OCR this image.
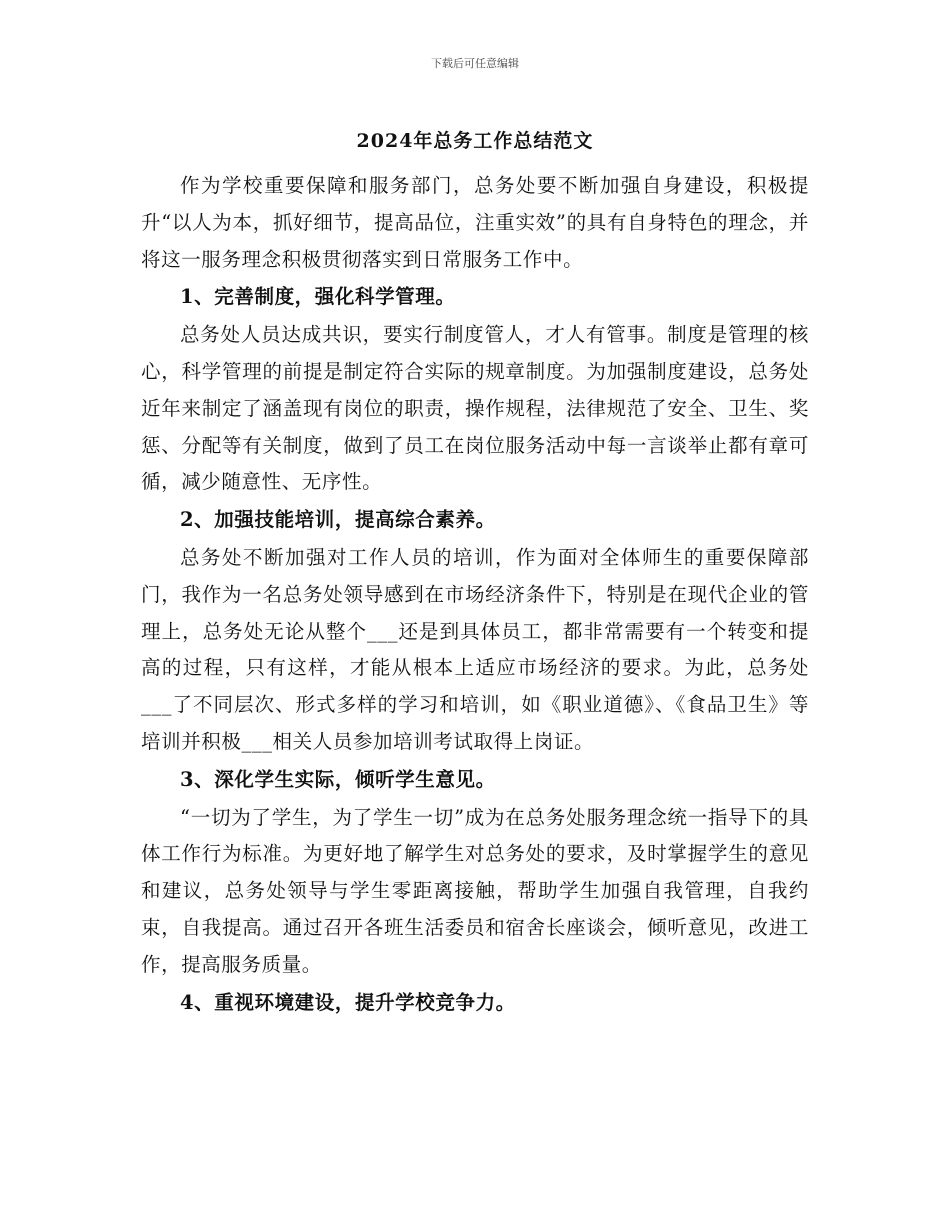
下载后可任意编辑
2024年总务工作总结范文

作为学校重要保障和服务部门，总务处要不断加强自身建设，积极提升“以人为本，抓好细节，提高品位，注重实效”的具有自身特色的理念，并将这一服务理念积极贯彻落实到日常服务工作中。

1、完善制度，强化科学管理。

总务处人员达成共识，要实行制度管人，才人有管事。制度是管理的核心，科学管理的前提是制定符合实际的规章制度。为加强制度建设，总务处近年来制定了涵盖现有岗位的职责，操作规程，法律规范了安全、卫生、奖惩、分配等有关制度，做到了员工在岗位服务活动中每一言谈举止都有章可循，减少随意性、无序性。

2、加强技能培训，提高综合素养。

总务处不断加强对工作人员的培训，作为面对全体师生的重要保障部门，我作为一名总务处领导感到在市场经济条件下，特别是在现代企业的管理上，总务处无论从整个___还是到具体员工，都非常需要有一个转变和提高的过程，只有这样，才能从根本上适应市场经济的要求。为此，总务处___了不同层次、形式多样的学习和培训，如《职业道德》、《食品卫生》等培训并积极___相关人员参加培训考试取得上岗证。

3、深化学生实际，倾听学生意见。

“一切为了学生，为了学生一切”成为在总务处服务理念统一指导下的具体工作行为标准。为更好地了解学生对总务处的要求，及时掌握学生的意见和建议，总务处领导与学生零距离接触，帮助学生加强自我管理，自我约束，自我提高。通过召开各班生活委员和宿舍长座谈会，倾听意见，改进工作，提高服务质量。

4、重视环境建设，提升学校竞争力。
